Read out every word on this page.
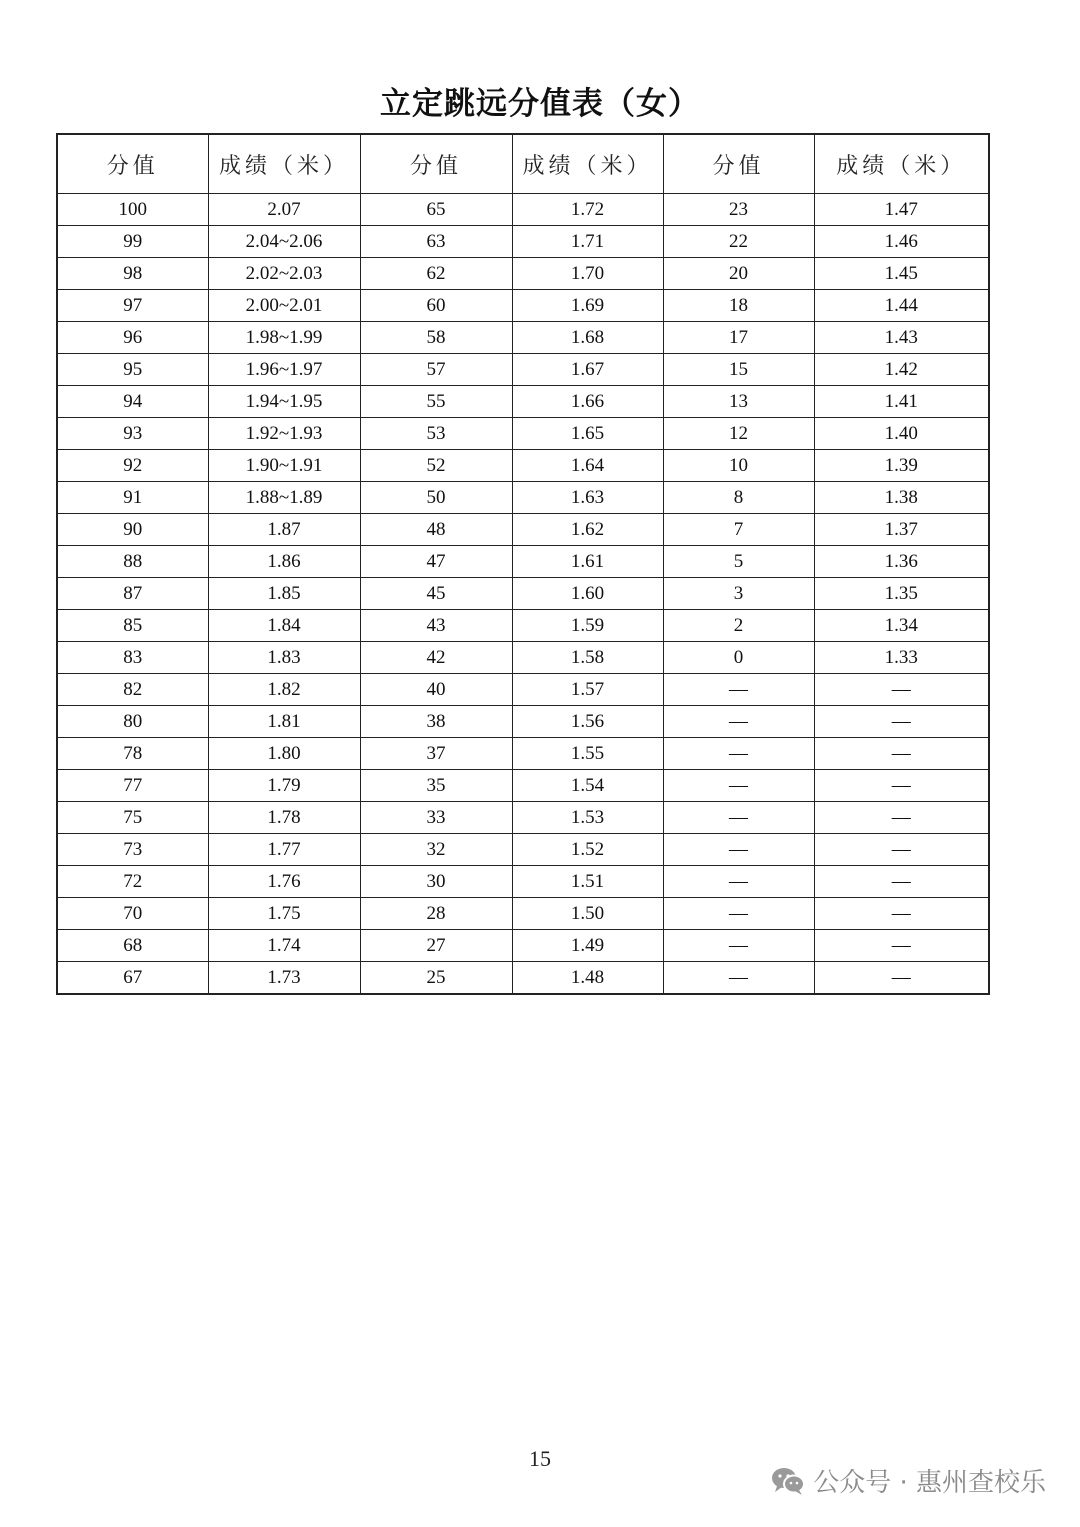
立定跳远分值表（女）
分值	成绩（米）	分值	成绩（米）	分值	成绩（米）
100	2.07	65	1.72	23	1.47
99	2.04~2.06	63	1.71	22	1.46
98	2.02~2.03	62	1.70	20	1.45
97	2.00~2.01	60	1.69	18	1.44
96	1.98~1.99	58	1.68	17	1.43
95	1.96~1.97	57	1.67	15	1.42
94	1.94~1.95	55	1.66	13	1.41
93	1.92~1.93	53	1.65	12	1.40
92	1.90~1.91	52	1.64	10	1.39
91	1.88~1.89	50	1.63	8	1.38
90	1.87	48	1.62	7	1.37
88	1.86	47	1.61	5	1.36
87	1.85	45	1.60	3	1.35
85	1.84	43	1.59	2	1.34
83	1.83	42	1.58	0	1.33
82	1.82	40	1.57	—	—
80	1.81	38	1.56	—	—
78	1.80	37	1.55	—	—
77	1.79	35	1.54	—	—
75	1.78	33	1.53	—	—
73	1.77	32	1.52	—	—
72	1.76	30	1.51	—	—
70	1.75	28	1.50	—	—
68	1.74	27	1.49	—	—
67	1.73	25	1.48	—	—
15
公众号 · 惠州查校乐
